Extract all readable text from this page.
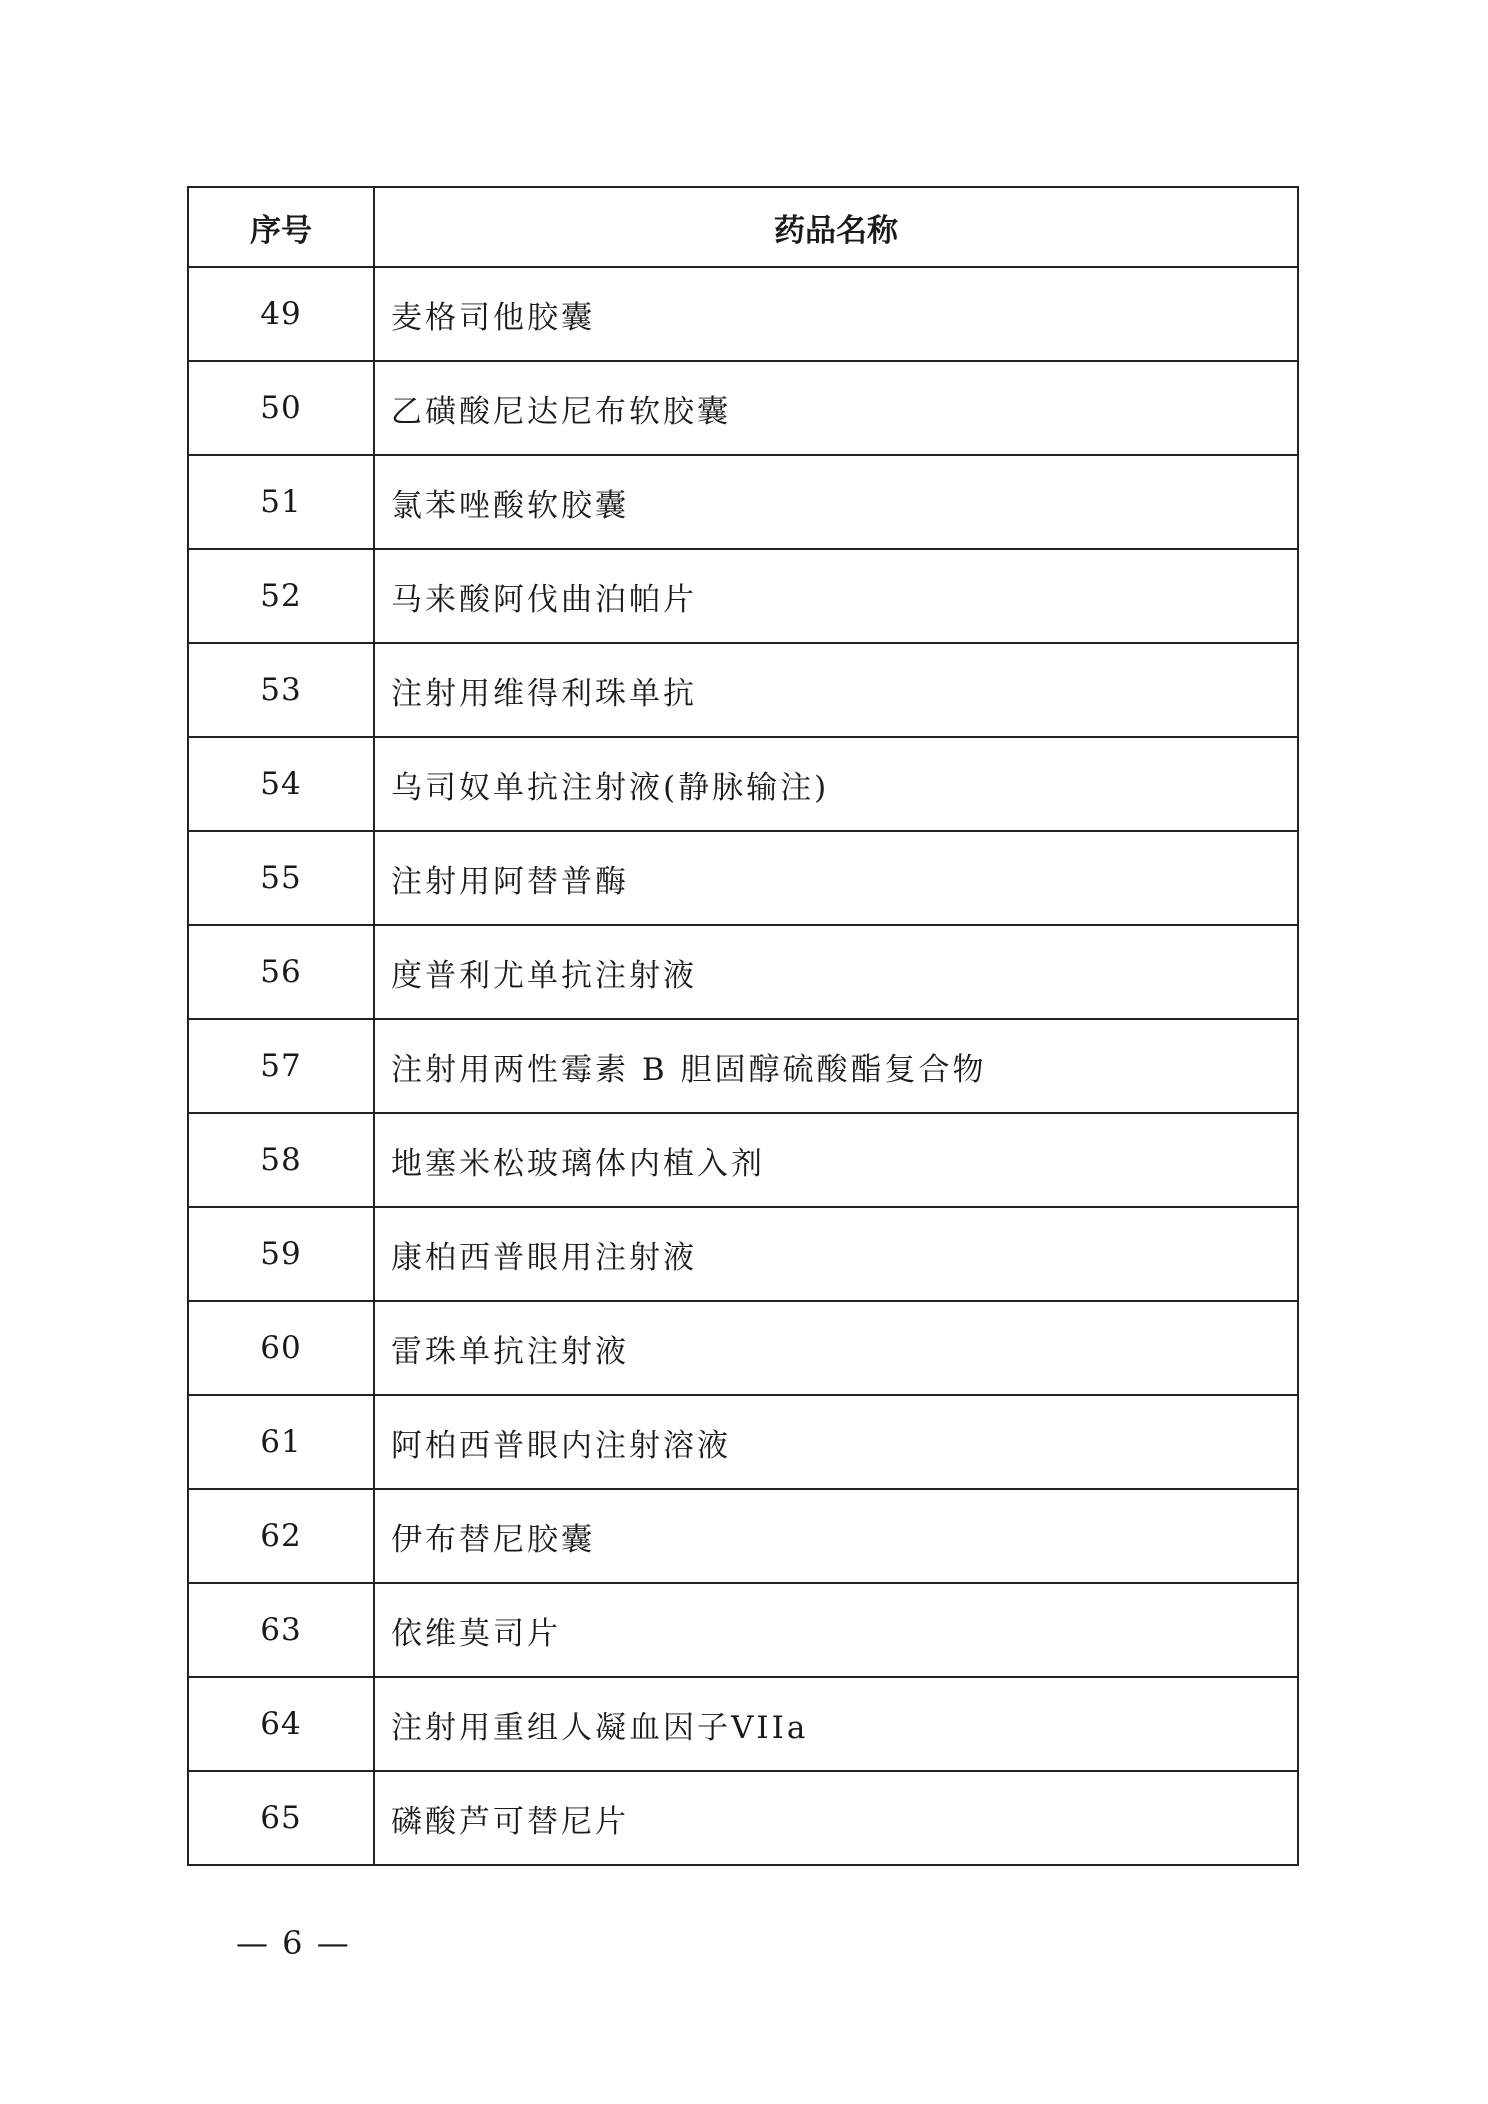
序号	药品名称
49	麦格司他胶囊
50	乙磺酸尼达尼布软胶囊
51	氯苯唑酸软胶囊
52	马来酸阿伐曲泊帕片
53	注射用维得利珠单抗
54	乌司奴单抗注射液(静脉输注)
55	注射用阿替普酶
56	度普利尤单抗注射液
57	注射用两性霉素 B 胆固醇硫酸酯复合物
58	地塞米松玻璃体内植入剂
59	康柏西普眼用注射液
60	雷珠单抗注射液
61	阿柏西普眼内注射溶液
62	伊布替尼胶囊
63	依维莫司片
64	注射用重组人凝血因子VIIa
65	磷酸芦可替尼片
— 6 —
